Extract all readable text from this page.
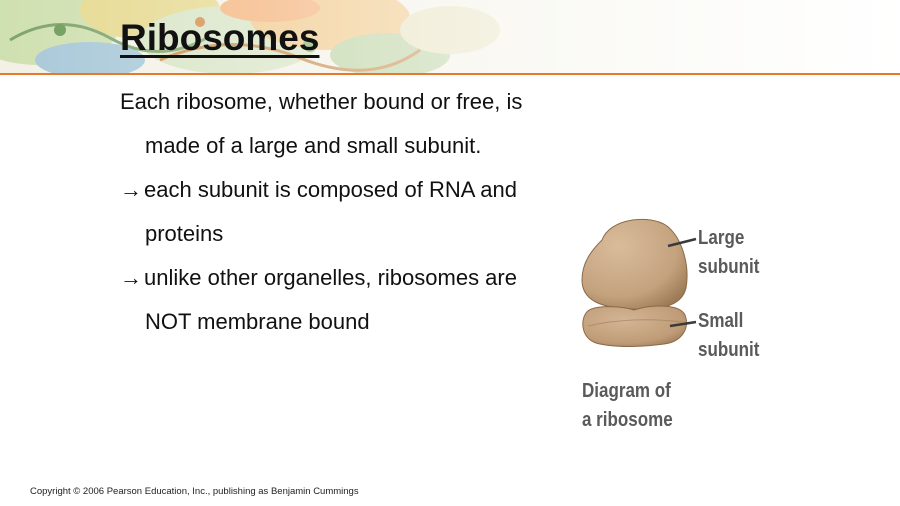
Ribosomes
Each ribosome, whether bound or free, is
made of a large and small subunit.
→each subunit is composed of RNA and
proteins
→unlike other organelles, ribosomes are
NOT membrane bound
Large
subunit
Small
subunit
Diagram of
a ribosome
Copyright © 2006 Pearson Education, Inc., publishing as Benjamin Cummings
